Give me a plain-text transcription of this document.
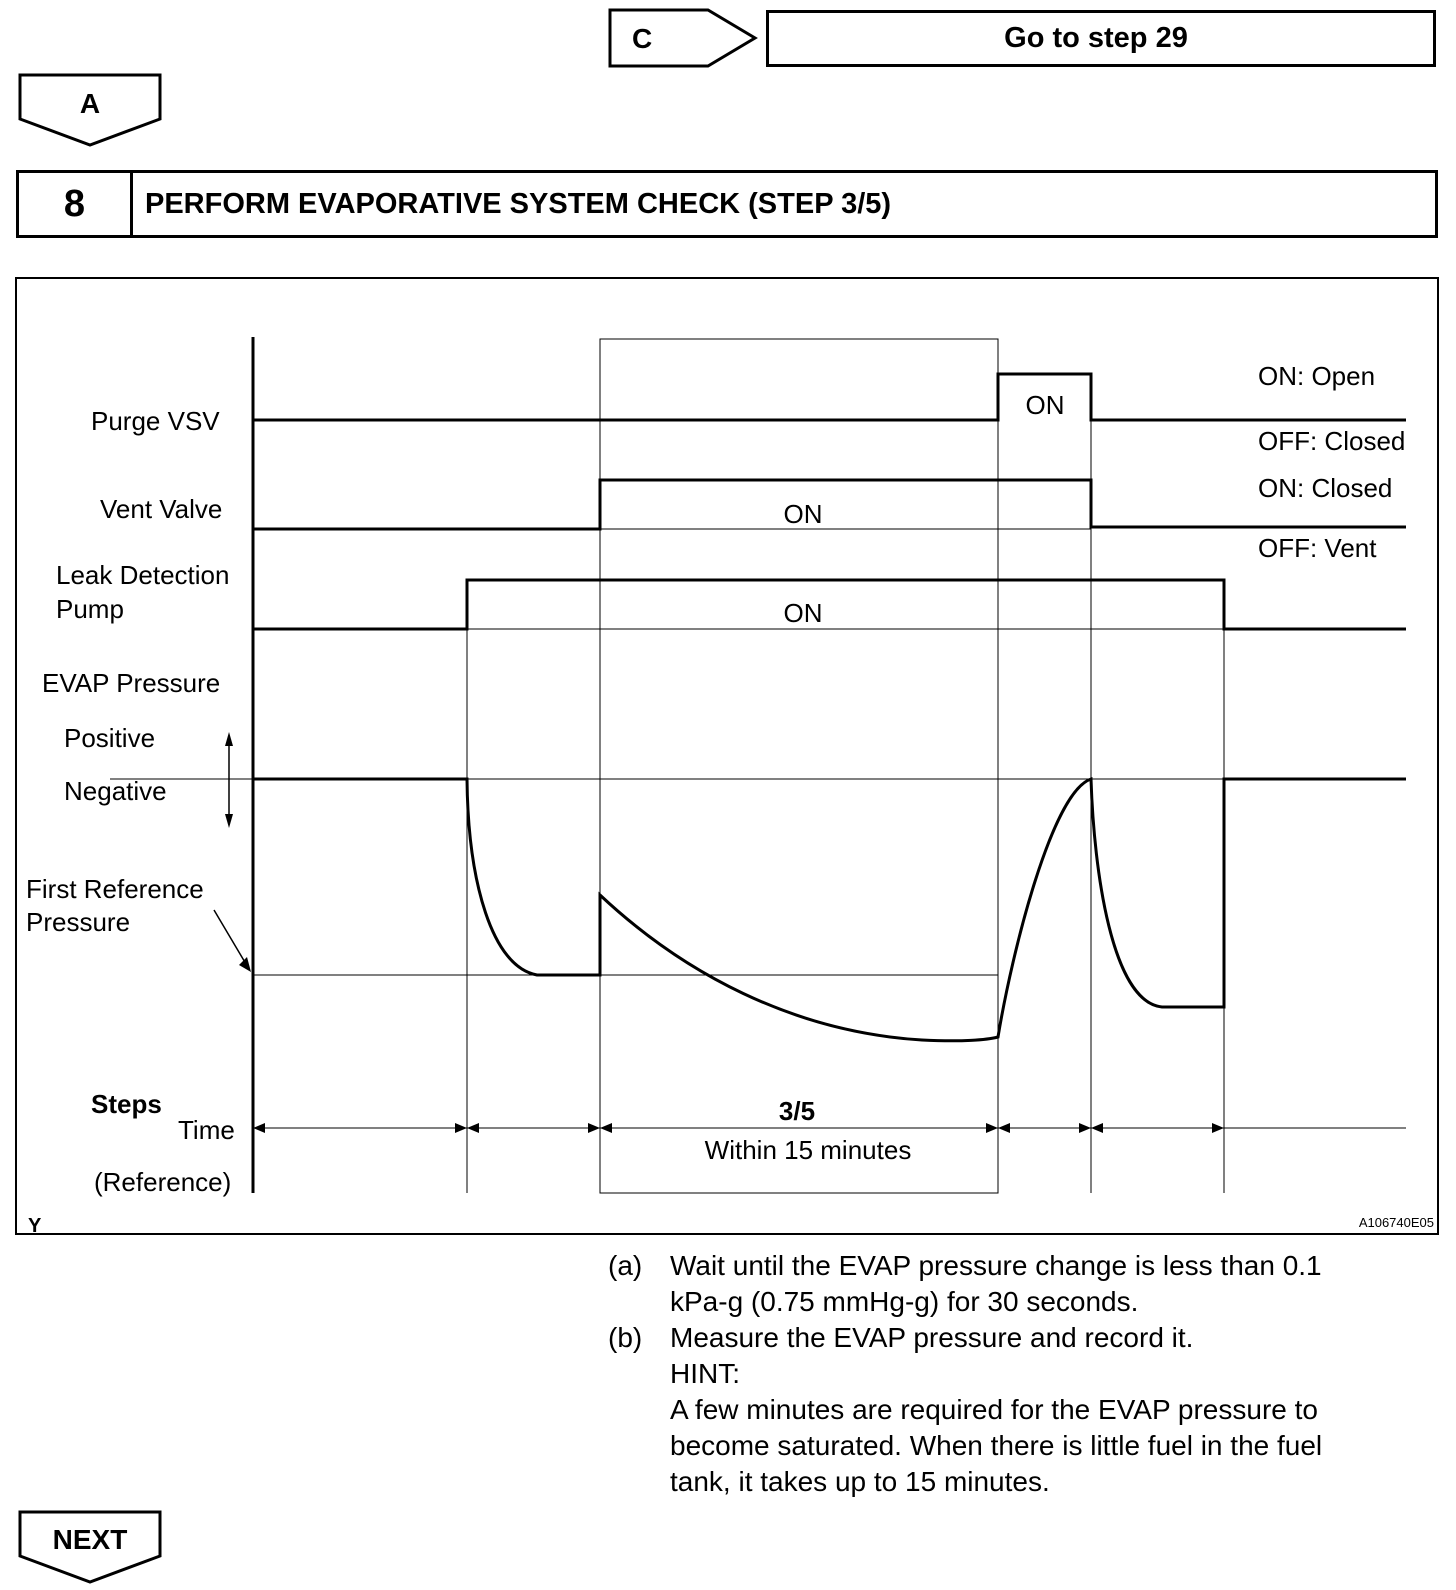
C	Go to step 29
A
8	PERFORM EVAPORATIVE SYSTEM CHECK (STEP 3/5)
Purge VSV
Vent Valve
Leak Detection
Pump
EVAP Pressure
Positive
Negative
First Reference
Pressure
ON
ON
ON
ON: Open
OFF: Closed
ON: Closed
OFF: Vent
Steps
Time
(Reference)
3/5
Within 15 minutes
Y	A106740E05
(a) Wait until the EVAP pressure change is less than 0.1
kPa-g (0.75 mmHg-g) for 30 seconds.
(b) Measure the EVAP pressure and record it.
HINT:
A few minutes are required for the EVAP pressure to
become saturated. When there is little fuel in the fuel
tank, it takes up to 15 minutes.
NEXT
